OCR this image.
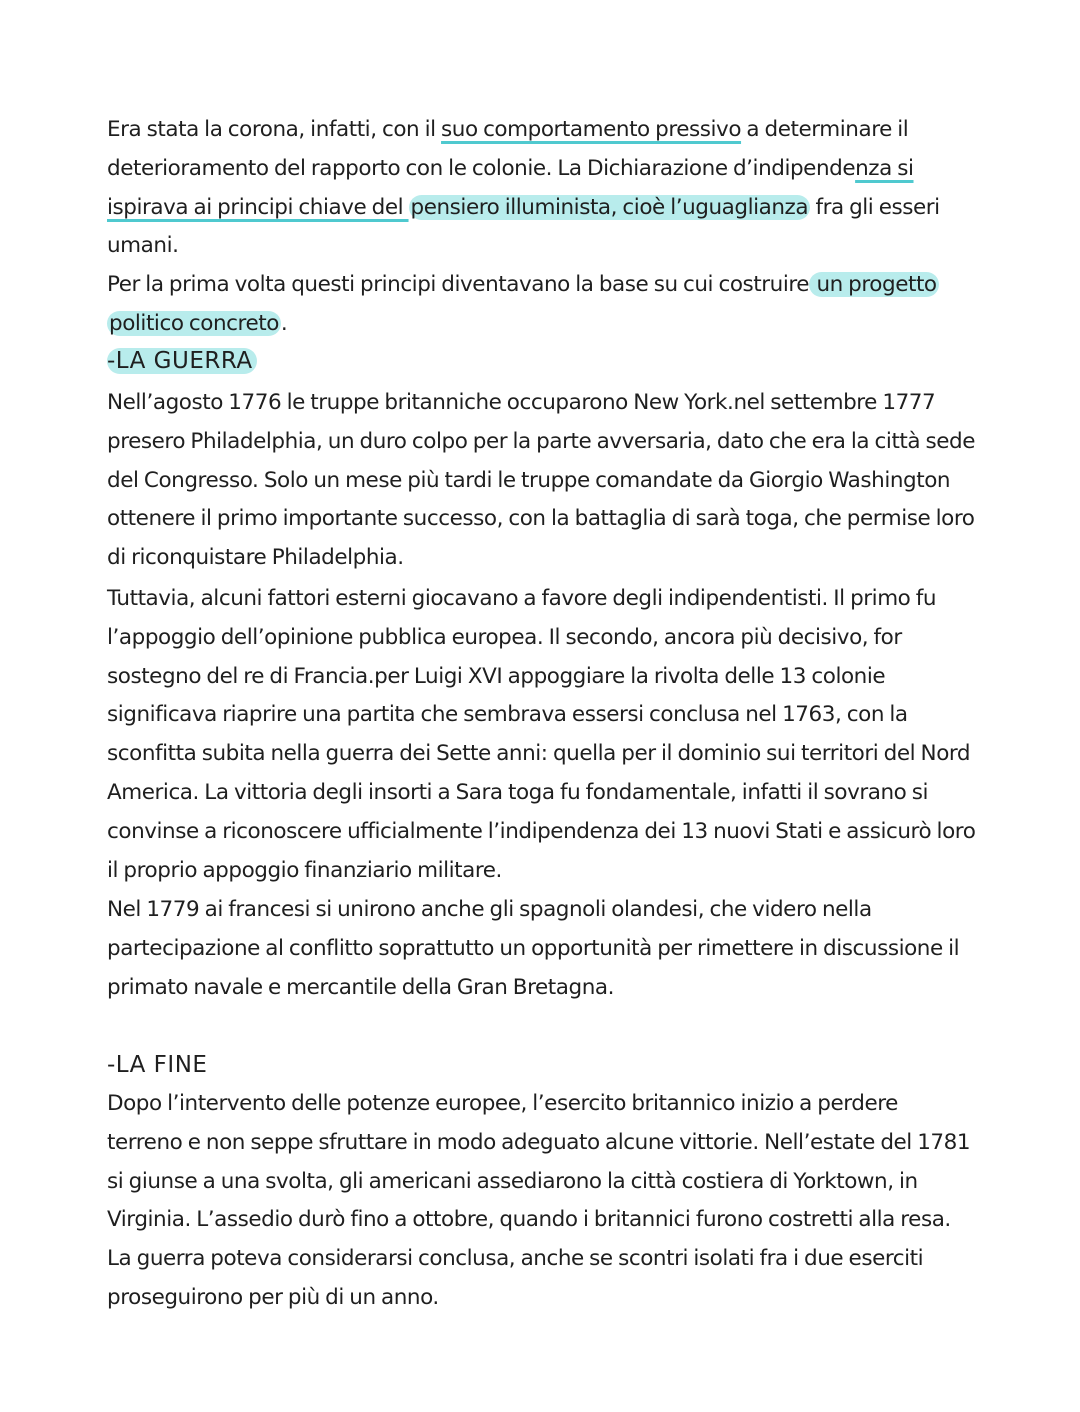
Era stata la corona, infatti, con il suo comportamento pressivo a determinare il deterioramento del rapporto con le colonie. La Dichiarazione d’indipendenza si ispirava ai principi chiave del pensiero illuminista, cioè l’uguaglianza fra gli esseri umani.
Per la prima volta questi principi diventavano la base su cui costruire un progetto politico concreto.

-LA GUERRA

Nell’agosto 1776 le truppe britanniche occuparono New York.nel settembre 1777 presero Philadelphia, un duro colpo per la parte avversaria, dato che era la città sede del Congresso. Solo un mese più tardi le truppe comandate da Giorgio Washington ottenere il primo importante successo, con la battaglia di sarà toga, che permise loro di riconquistare Philadelphia.

Tuttavia, alcuni fattori esterni giocavano a favore degli indipendentisti. Il primo fu l’appoggio dell’opinione pubblica europea. Il secondo, ancora più decisivo, for sostegno del re di Francia.per Luigi XVI appoggiare la rivolta delle 13 colonie significava riaprire una partita che sembrava essersi conclusa nel 1763, con la sconfitta subita nella guerra dei Sette anni: quella per il dominio sui territori del Nord America. La vittoria degli insorti a Sara toga fu fondamentale, infatti il sovrano si convinse a riconoscere ufficialmente l’indipendenza dei 13 nuovi Stati e assicurò loro il proprio appoggio finanziario militare.

Nel 1779 ai francesi si unirono anche gli spagnoli olandesi, che videro nella partecipazione al conflitto soprattutto un opportunità per rimettere in discussione il primato navale e mercantile della Gran Bretagna.

-LA FINE

Dopo l’intervento delle potenze europee, l’esercito britannico inizio a perdere terreno e non seppe sfruttare in modo adeguato alcune vittorie. Nell’estate del 1781 si giunse a una svolta, gli americani assediarono la città costiera di Yorktown, in Virginia. L’assedio durò fino a ottobre, quando i britannici furono costretti alla resa. La guerra poteva considerarsi conclusa, anche se scontri isolati fra i due eserciti proseguirono per più di un anno.
